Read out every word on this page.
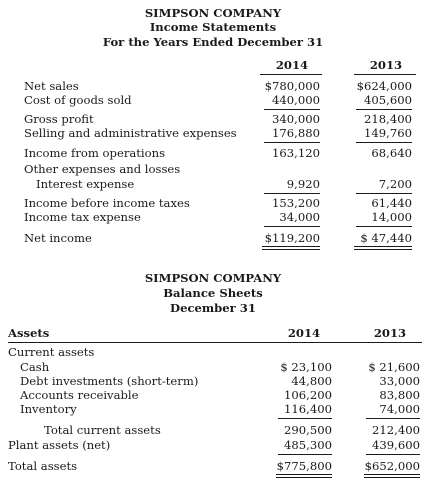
SIMPSON COMPANY
Income Statements
For the Years Ended December 31
2014	2013
Net sales	$780,000	$624,000
Cost of goods sold	440,000	405,600
Gross profit	340,000	218,400
Selling and administrative expenses	176,880	149,760
Income from operations	163,120	68,640
Other expenses and losses
Interest expense	9,920	7,200
Income before income taxes	153,200	61,440
Income tax expense	34,000	14,000
Net income	$119,200	$ 47,440
SIMPSON COMPANY
Balance Sheets
December 31
Assets	2014	2013
Current assets
Cash	$ 23,100	$ 21,600
Debt investments (short-term)	44,800	33,000
Accounts receivable	106,200	83,800
Inventory	116,400	74,000
Total current assets	290,500	212,400
Plant assets (net)	485,300	439,600
Total assets	$775,800	$652,000
